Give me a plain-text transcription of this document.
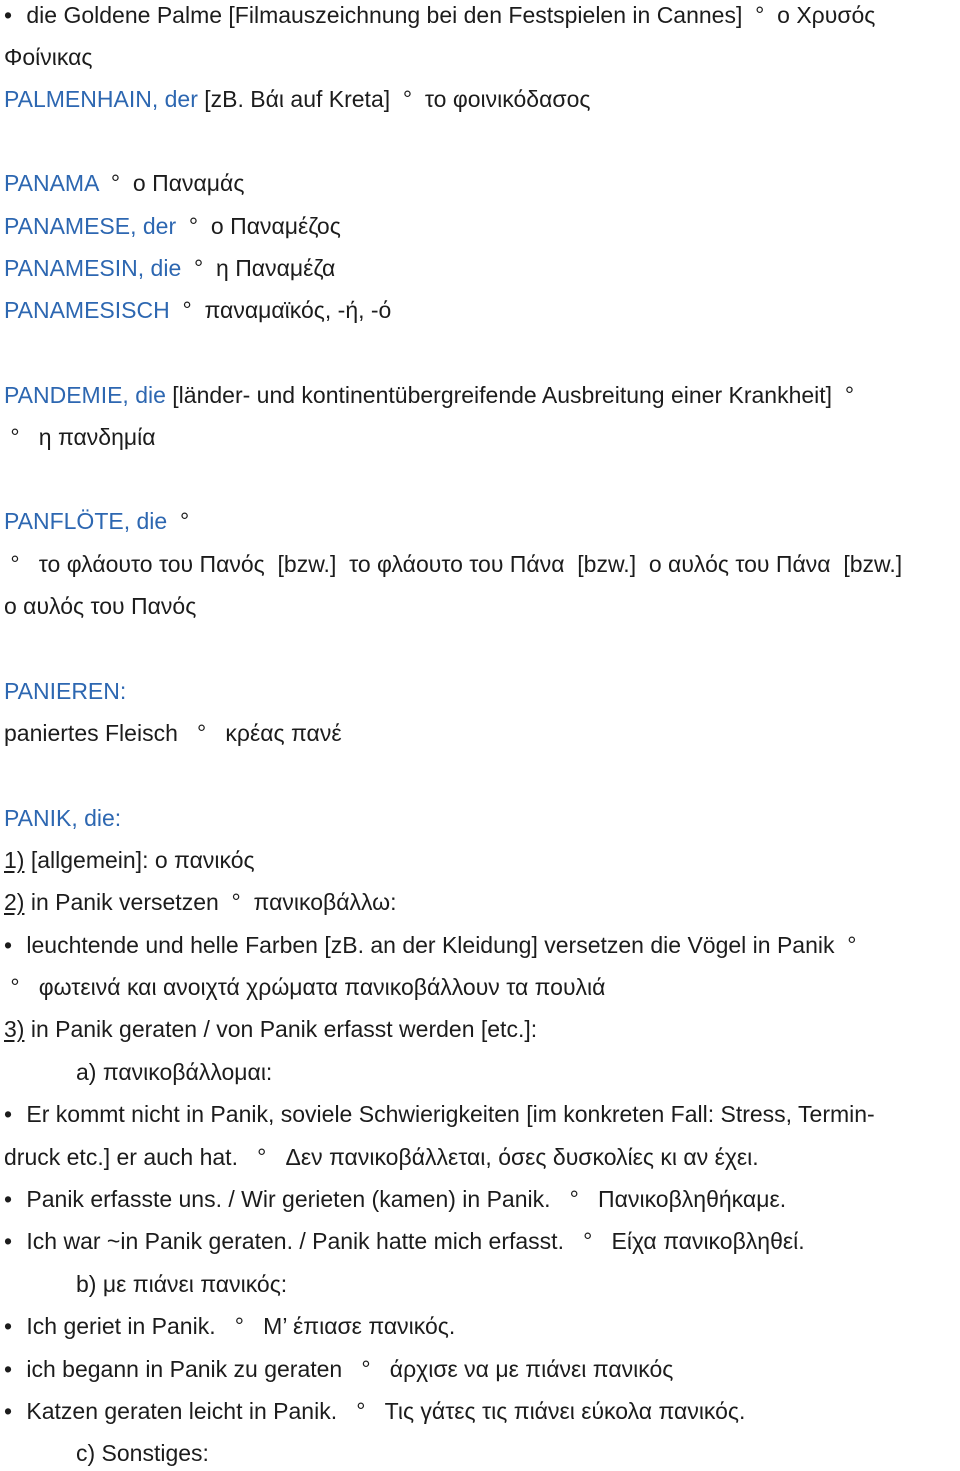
• die Goldene Palme [Filmauszeichnung bei den Festspielen in Cannes]  °  ο Χρυσός
Φοίνικας
PALMENHAIN, der [zB. Βάι auf Kreta]  °  το φοινικόδασος
PANAMA  °  ο Παναμάς
PANAMESE, der  °  ο Παναμέζος
PANAMESIN, die  °  η Παναμέζα
PANAMESISCH  °  παναμαϊκός, -ή, -ό
PANDEMIE, die [länder- und kontinentübergreifende Ausbreitung einer Krankheit]  °
°   η πανδημία
PANFLÖTE, die  °
°   το φλάουτο του Πανός  [bzw.]  το φλάουτο του Πάνα  [bzw.]  ο αυλός του Πάνα  [bzw.]
ο αυλός του Πανός
PANIEREN:
paniertes Fleisch   °   κρέας πανέ
PANIK, die:
1) [allgemein]: ο πανικός
2) in Panik versetzen  °  πανικοβάλλω:
• leuchtende und helle Farben [zB. an der Kleidung] versetzen die Vögel in Panik  °
°   φωτεινά και ανοιχτά χρώματα πανικοβάλλουν τα πουλιά
3) in Panik geraten / von Panik erfasst werden [etc.]:
a) πανικοβάλλομαι:
• Er kommt nicht in Panik, soviele Schwierigkeiten [im konkreten Fall: Stress, Termin-
druck etc.] er auch hat.   °   Δεν πανικοβάλλεται, όσες δυσκολίες κι αν έχει.
• Panik erfasste uns. / Wir gerieten (kamen) in Panik.   °   Πανικοβληθήκαμε.
• Ich war ~in Panik geraten. / Panik hatte mich erfasst.   °   Είχα πανικοβληθεί.
b) με πιάνει πανικός:
• Ich geriet in Panik.   °   Μ’ έπιασε πανικός.
• ich begann in Panik zu geraten   °   άρχισε να με πιάνει πανικός
• Katzen geraten leicht in Panik.   °   Τις γάτες τις πιάνει εύκολα πανικός.
c) Sonstiges:
